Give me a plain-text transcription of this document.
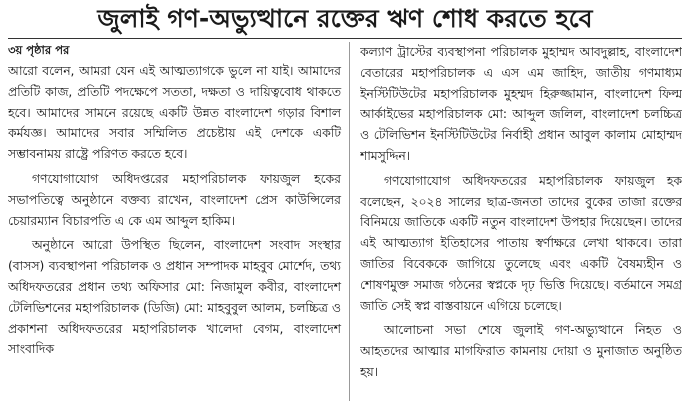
জুলাই গণ-অভ্যুত্থানে রক্তের ঋণ শোধ করতে হবে
৩য় পৃষ্ঠার পর

আরো বলেন, আমরা যেন এই আত্মত্যাগকে ভুলে না যাই। আমাদের প্রতিটি কাজ, প্রতিটি পদক্ষেপে সততা, দক্ষতা ও দায়িত্ববোধ থাকতে হবে। আমাদের সামনে রয়েছে একটি উন্নত বাংলাদেশ গড়ার বিশাল কর্মযজ্ঞ। আমাদের সবার সম্মিলিত প্রচেষ্টায় এই দেশকে একটি সম্ভাবনাময় রাষ্ট্রে পরিণত করতে হবে।

গণযোগাযোগ অধিদপ্তরের মহাপরিচালক ফায়জুল হকের সভাপতিত্বে অনুষ্ঠানে বক্তব্য রাখেন, বাংলাদেশ প্রেস কাউন্সিলের চেয়ারম্যান বিচারপতি এ কে এম আব্দুল হাকিম।

অনুষ্ঠানে আরো উপস্থিত ছিলেন, বাংলাদেশ সংবাদ সংস্থার (বাসস) ব্যবস্থাপনা পরিচালক ও প্রধান সম্পাদক মাহবুব মোর্শেদ, তথ্য অধিদফতরের প্রধান তথ্য অফিসার মো: নিজামুল কবীর, বাংলাদেশ টেলিভিশনের মহাপরিচালক (ডিজি) মো: মাহবুবুল আলম, চলচ্চিত্র ও প্রকাশনা অধিদফতরের মহাপরিচালক খালেদা বেগম, বাংলাদেশ সাংবাদিক

কল্যাণ ট্রাস্টের ব্যবস্থাপনা পরিচালক মুহাম্মদ আবদুল্লাহ, বাংলাদেশ বেতারের মহাপরিচালক এ এস এম জাহিদ, জাতীয় গণমাধ্যম ইনস্টিটিউটের মহাপরিচালক মুহম্মদ হিরুজ্জামান, বাংলাদেশ ফিল্ম আর্কাইভের মহাপরিচালক মো: আব্দুল জলিল, বাংলাদেশ চলচ্চিত্র ও টেলিভিশন ইনস্টিটিউটের নির্বাহী প্রধান আবুল কালাম মোহাম্মদ শামসুদ্দিন।

গণযোগাযোগ অধিদফতরের মহাপরিচালক ফায়জুল হক বলেছেন, ২০২৪ সালের ছাত্র-জনতা তাদের বুকের তাজা রক্তের বিনিময়ে জাতিকে একটি নতুন বাংলাদেশ উপহার দিয়েছেন। তাদের এই আত্মত্যাগ ইতিহাসের পাতায় স্বর্ণাক্ষরে লেখা থাকবে। তারা জাতির বিবেককে জাগিয়ে তুলেছে এবং একটি বৈষম্যহীন ও শোষণমুক্ত সমাজ গঠনের স্বপ্নকে দৃঢ় ভিত্তি দিয়েছে। বর্তমানে সমগ্র জাতি সেই স্বপ্ন বাস্তবায়নে এগিয়ে চলেছে।

আলোচনা সভা শেষে জুলাই গণ-অভ্যুত্থানে নিহত ও আহতদের আত্মার মাগফিরাত কামনায় দোয়া ও মুনাজাত অনুষ্ঠিত হয়।
